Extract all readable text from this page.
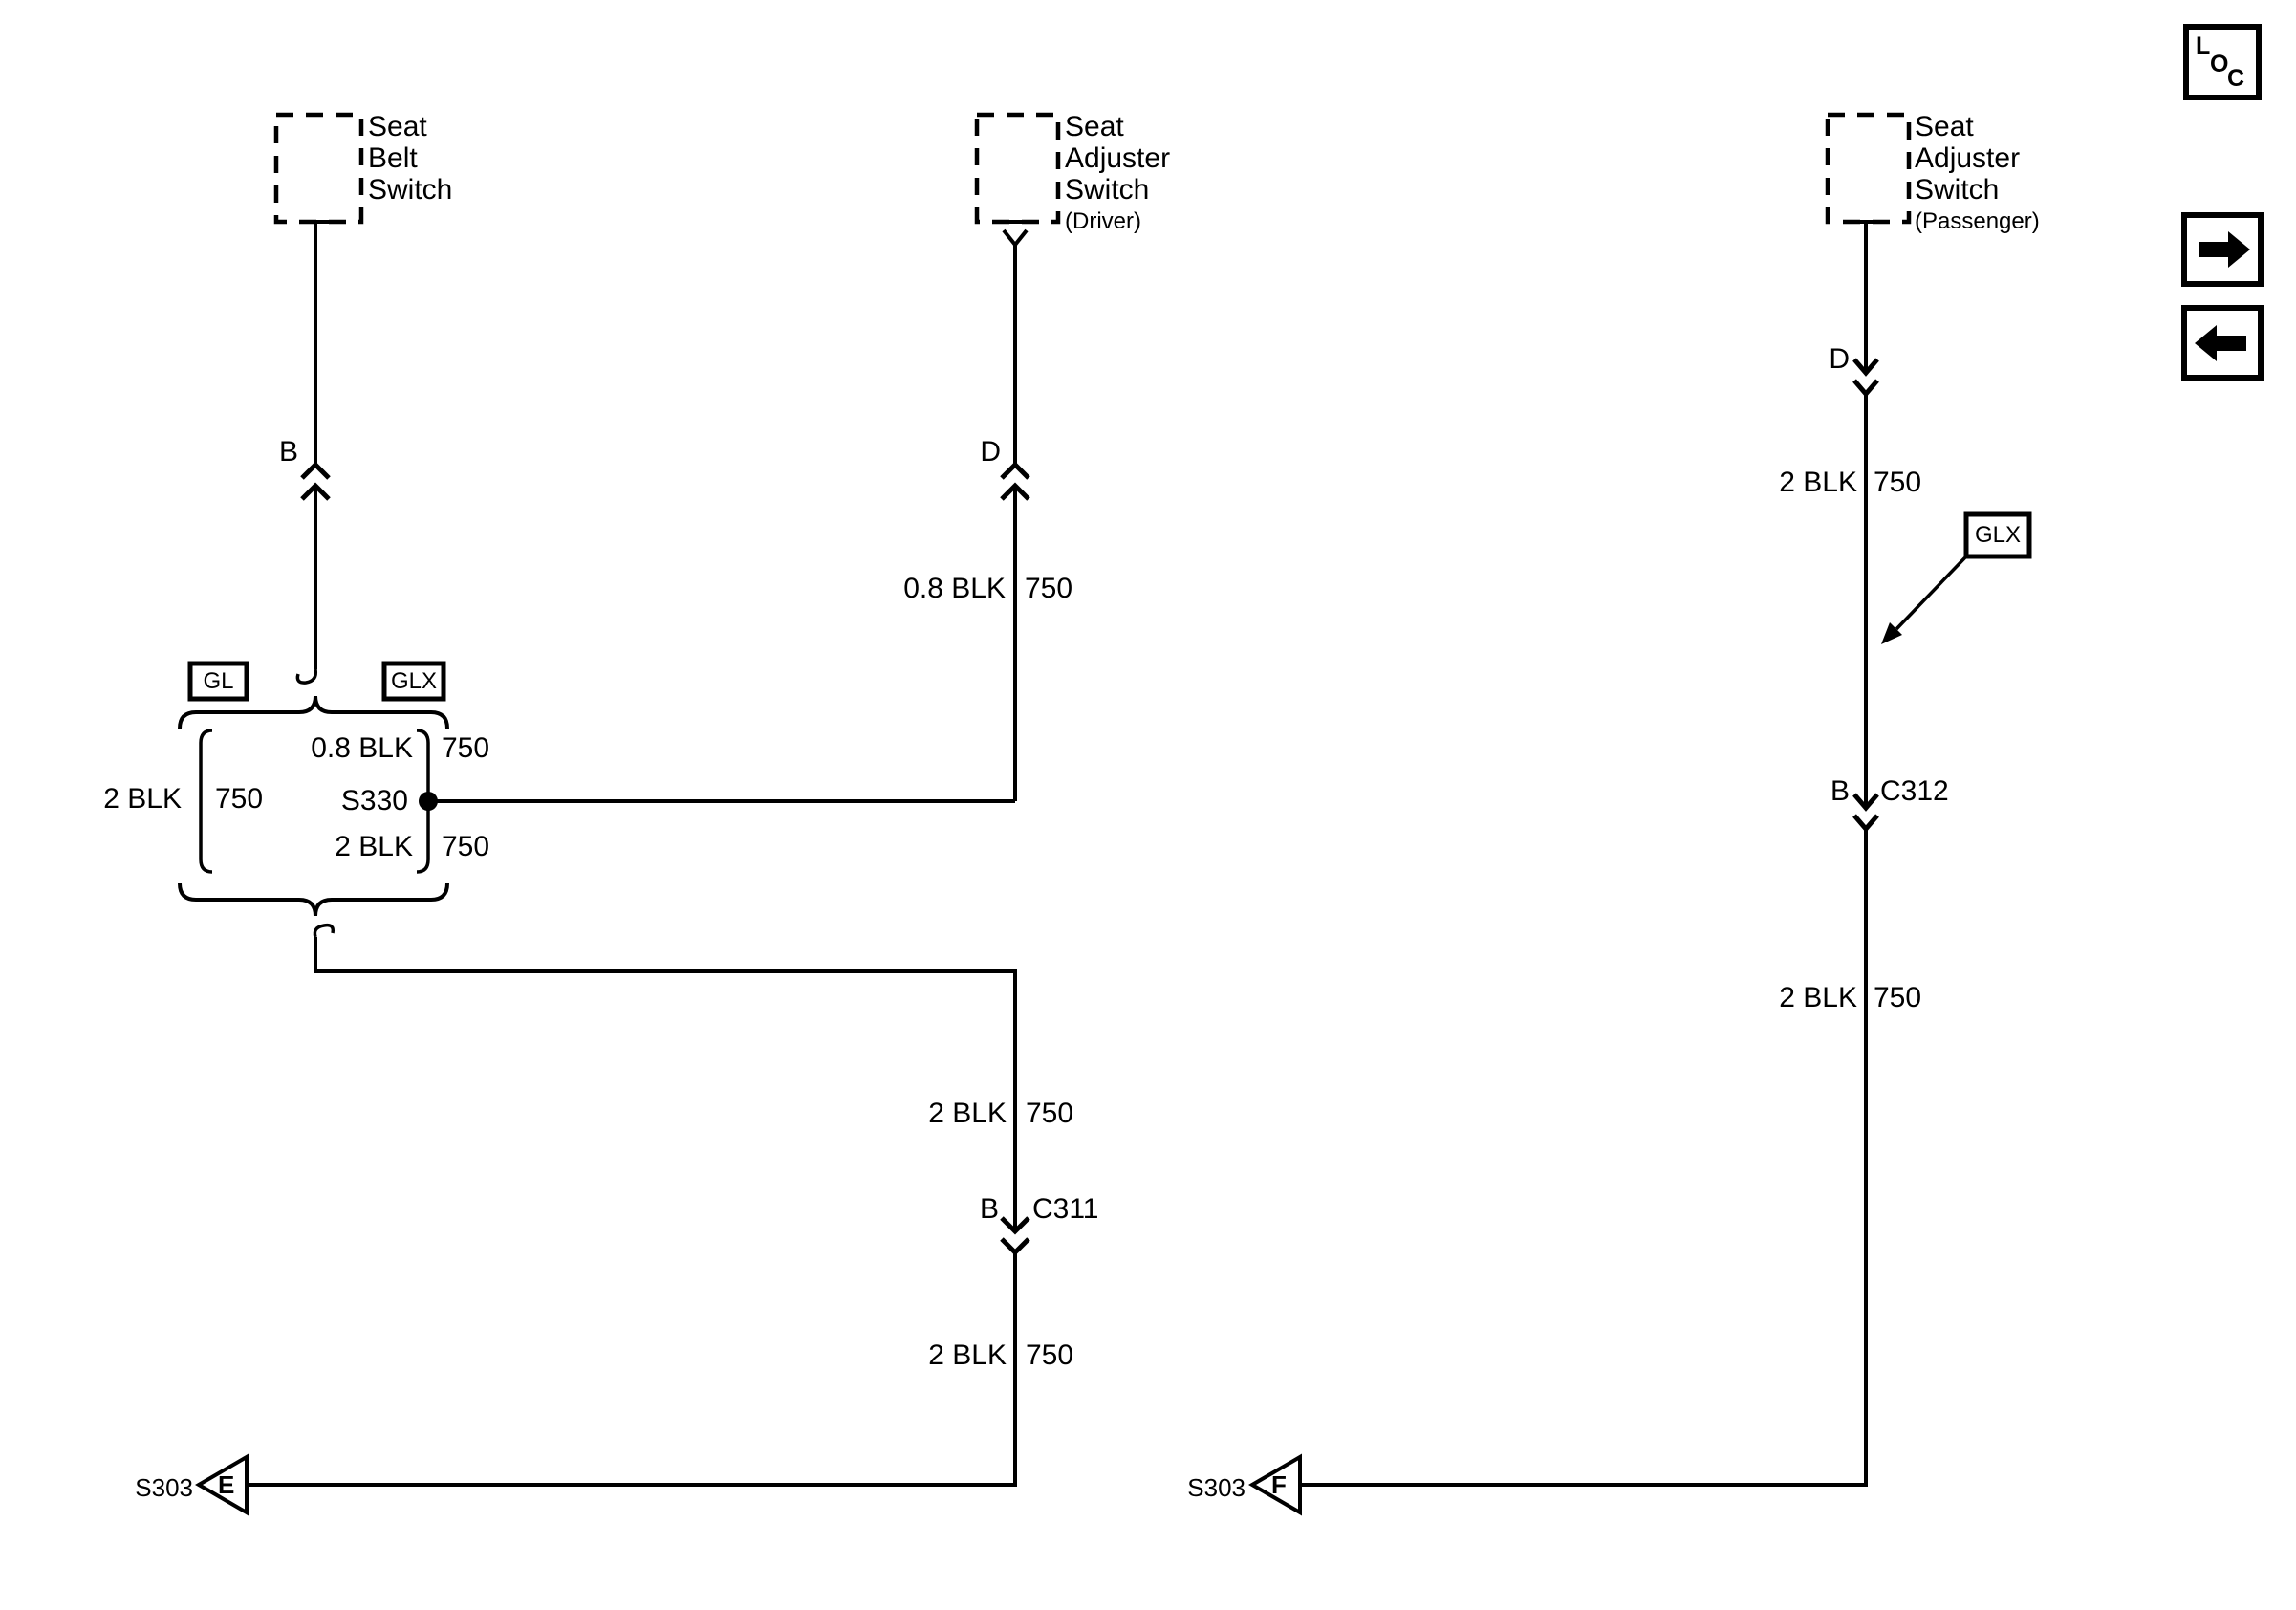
Seat
Belt
Switch
Seat
Adjuster
Switch
(Driver)
Seat
Adjuster
Switch
(Passenger)
B	D
D
B
B
C311
C312
GL	GLX
GLX
2 BLK 750
0.8 BLK 750
S330
2 BLK 750
0.8 BLK 750
2 BLK 750
2 BLK 750
2 BLK 750
2 BLK 750
S303 E	S303 F
L
O
C
